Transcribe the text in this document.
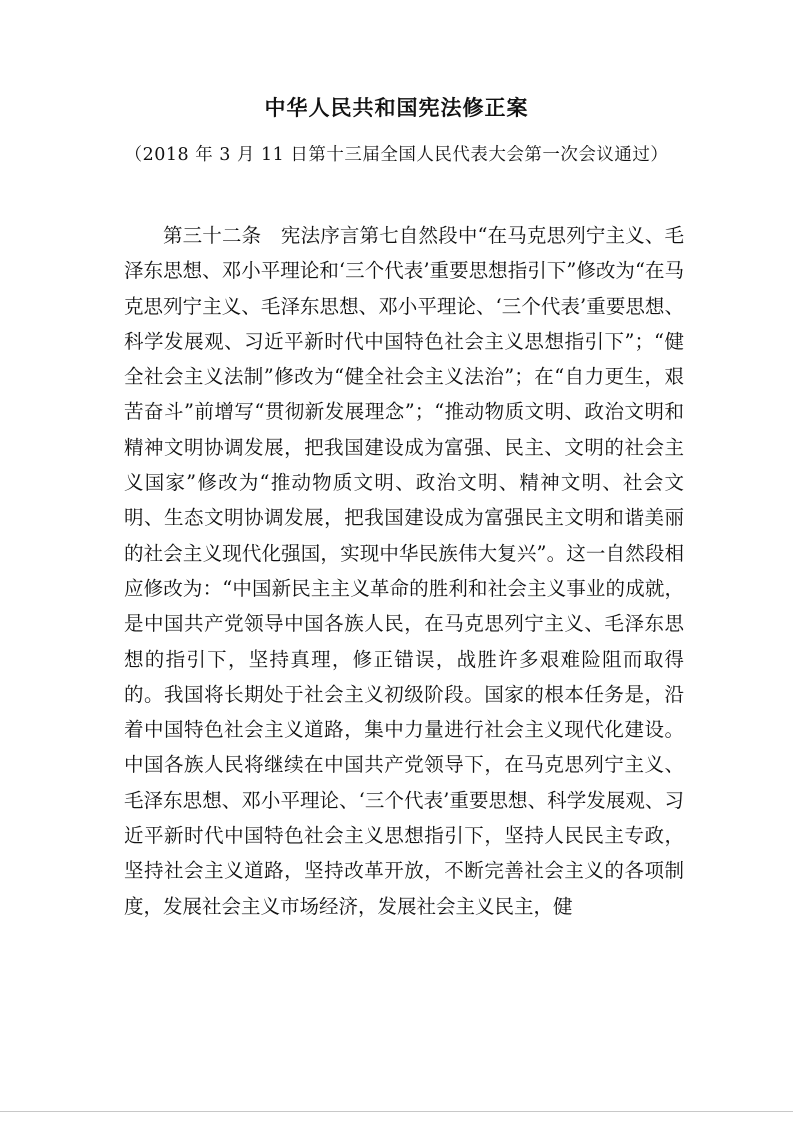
中华人民共和国宪法修正案

（2018 年 3 月 11 日第十三届全国人民代表大会第一次会议通过）

第三十二条　宪法序言第七自然段中“在马克思列宁主义、毛泽东思想、邓小平理论和‘三个代表’重要思想指引下”修改为“在马克思列宁主义、毛泽东思想、邓小平理论、‘三个代表’重要思想、科学发展观、习近平新时代中国特色社会主义思想指引下”；“健全社会主义法制”修改为“健全社会主义法治”；在“自力更生，艰苦奋斗”前增写“贯彻新发展理念”；“推动物质文明、政治文明和精神文明协调发展，把我国建设成为富强、民主、文明的社会主义国家”修改为“推动物质文明、政治文明、精神文明、社会文明、生态文明协调发展，把我国建设成为富强民主文明和谐美丽的社会主义现代化强国，实现中华民族伟大复兴”。这一自然段相应修改为：“中国新民主主义革命的胜利和社会主义事业的成就，是中国共产党领导中国各族人民，在马克思列宁主义、毛泽东思想的指引下，坚持真理，修正错误，战胜许多艰难险阻而取得的。我国将长期处于社会主义初级阶段。国家的根本任务是，沿着中国特色社会主义道路，集中力量进行社会主义现代化建设。中国各族人民将继续在中国共产党领导下，在马克思列宁主义、毛泽东思想、邓小平理论、‘三个代表’重要思想、科学发展观、习近平新时代中国特色社会主义思想指引下，坚持人民民主专政，坚持社会主义道路，坚持改革开放，不断完善社会主义的各项制度，发展社会主义市场经济，发展社会主义民主，健
